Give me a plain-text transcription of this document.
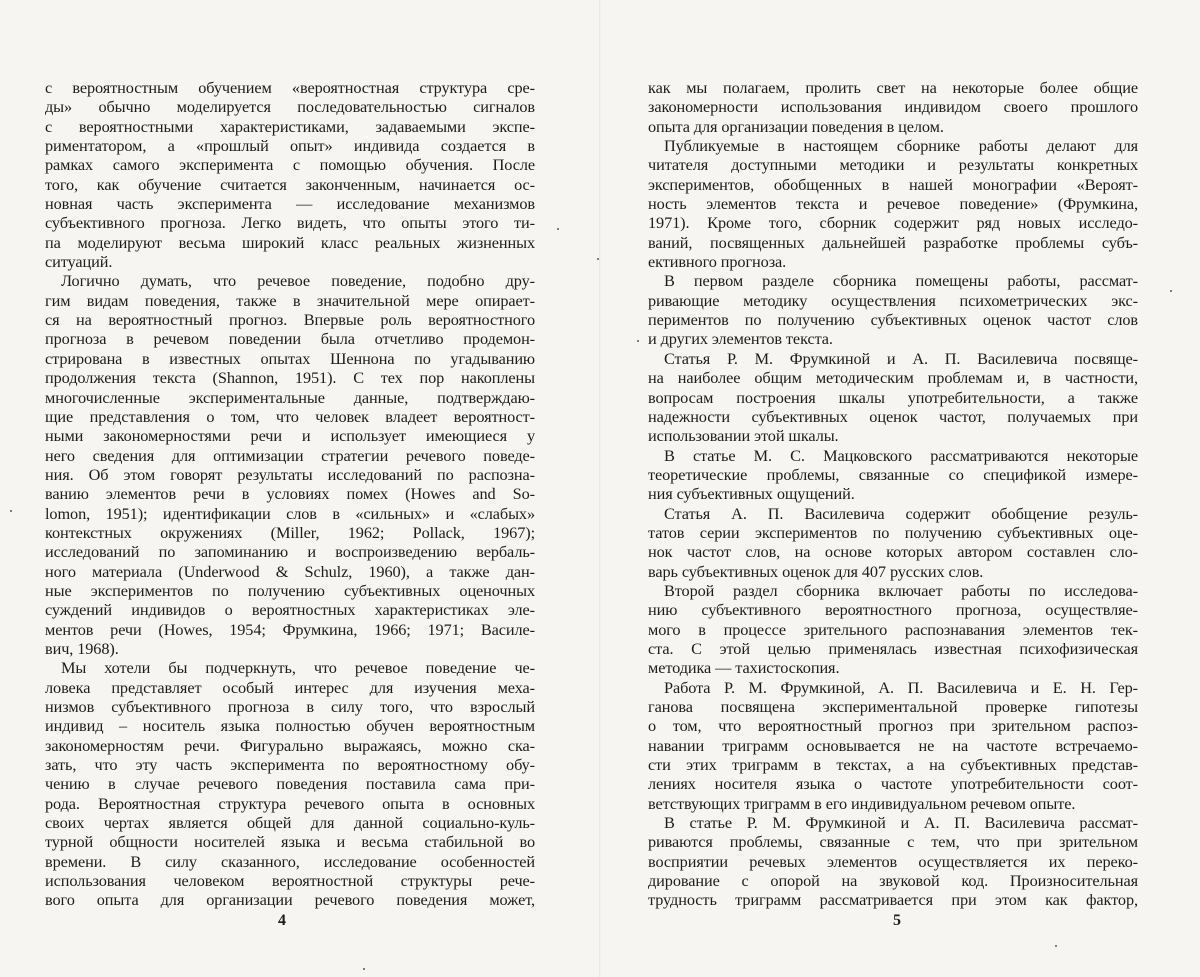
с вероятностным обучением «вероятностная структура сре-
ды» обычно моделируется последовательностью сигналов
с вероятностными характеристиками, задаваемыми экспе-
риментатором, а «прошлый опыт» индивида создается в
рамках самого эксперимента с помощью обучения. После
того, как обучение считается законченным, начинается ос-
новная часть эксперимента — исследование механизмов
субъективного прогноза. Легко видеть, что опыты этого ти-
па моделируют весьма широкий класс реальных жизненных
ситуаций.
Логично думать, что речевое поведение, подобно дру-
гим видам поведения, также в значительной мере опирает-
ся на вероятностный прогноз. Впервые роль вероятностного
прогноза в речевом поведении была отчетливо продемон-
стрирована в известных опытах Шеннона по угадыванию
продолжения текста (Shannon, 1951). С тех пор накоплены
многочисленные экспериментальные данные, подтверждаю-
щие представления о том, что человек владеет вероятност-
ными закономерностями речи и использует имеющиеся у
него сведения для оптимизации стратегии речевого поведе-
ния. Об этом говорят результаты исследований по распозна-
ванию элементов речи в условиях помех (Howes and So-
lomon, 1951); идентификации слов в «сильных» и «слабых»
контекстных окружениях (Miller, 1962; Pollack, 1967);
исследований по запоминанию и воспроизведению вербаль-
ного материала (Underwood & Schulz, 1960), а также дан-
ные экспериментов по получению субъективных оценочных
суждений индивидов о вероятностных характеристиках эле-
ментов речи (Howes, 1954; Фрумкина, 1966; 1971; Василе-
вич, 1968).
Мы хотели бы подчеркнуть, что речевое поведение че-
ловека представляет особый интерес для изучения меха-
низмов субъективного прогноза в силу того, что взрослый
индивид – носитель языка полностью обучен вероятностным
закономерностям речи. Фигурально выражаясь, можно ска-
зать, что эту часть эксперимента по вероятностному обу-
чению в случае речевого поведения поставила сама при-
рода. Вероятностная структура речевого опыта в основных
своих чертах является общей для данной социально-куль-
турной общности носителей языка и весьма стабильной во
времени. В силу сказанного, исследование особенностей
использования человеком вероятностной структуры рече-
вого опыта для организации речевого поведения может,
как мы полагаем, пролить свет на некоторые более общие
закономерности использования индивидом своего прошлого
опыта для организации поведения в целом.
Публикуемые в настоящем сборнике работы делают для
читателя доступными методики и результаты конкретных
экспериментов, обобщенных в нашей монографии «Вероят-
ность элементов текста и речевое поведение» (Фрумкина,
1971). Кроме того, сборник содержит ряд новых исследо-
ваний, посвященных дальнейшей разработке проблемы субъ-
ективного прогноза.
В первом разделе сборника помещены работы, рассмат-
ривающие методику осуществления психометрических экс-
периментов по получению субъективных оценок частот слов
и других элементов текста.
Статья Р. М. Фрумкиной и А. П. Василевича посвяще-
на наиболее общим методическим проблемам и, в частности,
вопросам построения шкалы употребительности, а также
надежности субъективных оценок частот, получаемых при
использовании этой шкалы.
В статье М. С. Мацковского рассматриваются некоторые
теоретические проблемы, связанные со спецификой измере-
ния субъективных ощущений.
Статья А. П. Василевича содержит обобщение резуль-
татов серии экспериментов по получению субъективных оце-
нок частот слов, на основе которых автором составлен сло-
варь субъективных оценок для 407 русских слов.
Второй раздел сборника включает работы по исследова-
нию субъективного вероятностного прогноза, осуществляе-
мого в процессе зрительного распознавания элементов тек-
ста. С этой целью применялась известная психофизическая
методика — тахистоскопия.
Работа Р. М. Фрумкиной, А. П. Василевича и Е. Н. Гер-
ганова посвящена экспериментальной проверке гипотезы
о том, что вероятностный прогноз при зрительном распоз-
навании триграмм основывается не на частоте встречаемо-
сти этих триграмм в текстах, а на субъективных представ-
лениях носителя языка о частоте употребительности соот-
ветствующих триграмм в его индивидуальном речевом опыте.
В статье Р. М. Фрумкиной и А. П. Василевича рассмат-
риваются проблемы, связанные с тем, что при зрительном
восприятии речевых элементов осуществляется их переко-
дирование с опорой на звуковой код. Произносительная
трудность триграмм рассматривается при этом как фактор,
4	5
